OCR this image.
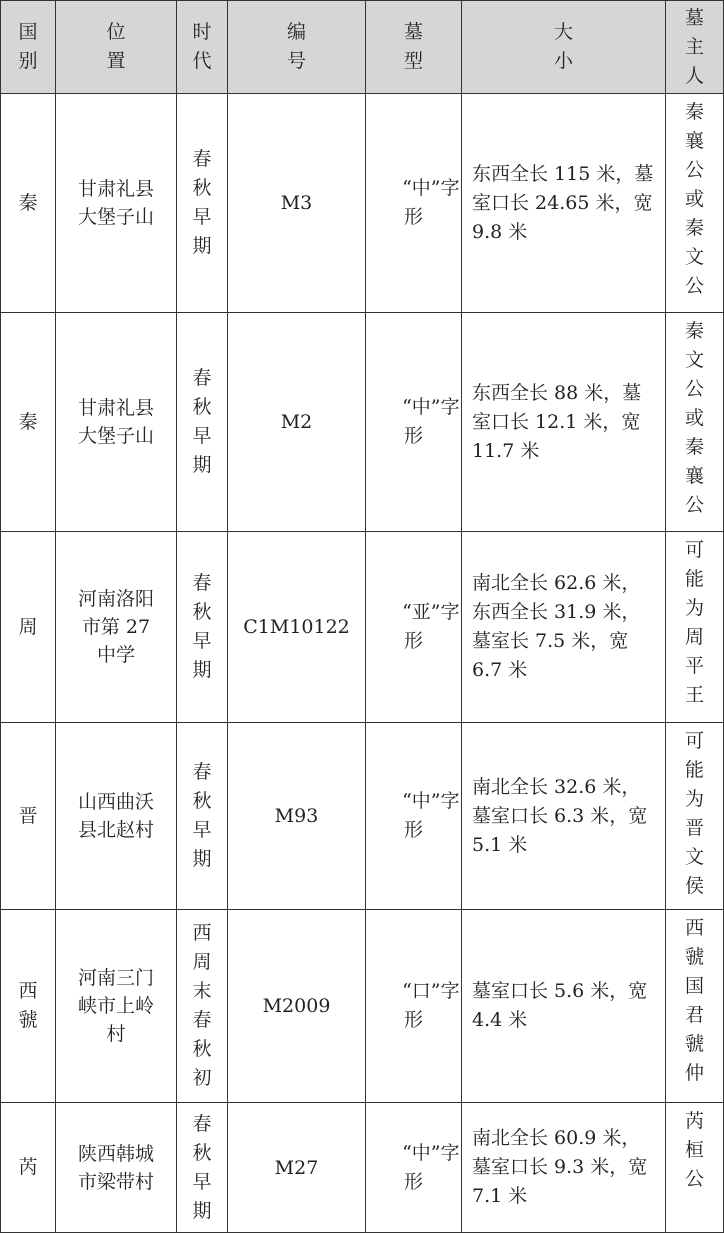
国别	位置	时代	编号	墓型	大小	墓主人
秦	甘肃礼县大堡子山	春秋早期	M3	“中”字形	东西全长 115 米，墓室口长 24.65 米，宽 9.8 米	秦襄公或秦文公
秦	甘肃礼县大堡子山	春秋早期	M2	“中”字形	东西全长 88 米，墓室口长 12.1 米，宽 11.7 米	秦文公或秦襄公
周	河南洛阳市第 27 中学	春秋早期	C1M10122	“亚”字形	南北全长 62.6 米，东西全长 31.9 米，墓室长 7.5 米，宽 6.7 米	可能为周平王
晋	山西曲沃县北赵村	春秋早期	M93	“中”字形	南北全长 32.6 米，墓室口长 6.3 米，宽 5.1 米	可能为晋文侯
西虢	河南三门峡市上岭村	西周末春秋初	M2009	“口”字形	墓室口长 5.6 米，宽 4.4 米	西虢国君虢仲
芮	陕西韩城市梁带村	春秋早期	M27	“中”字形	南北全长 60.9 米，墓室口长 9.3 米，宽 7.1 米	芮桓公
